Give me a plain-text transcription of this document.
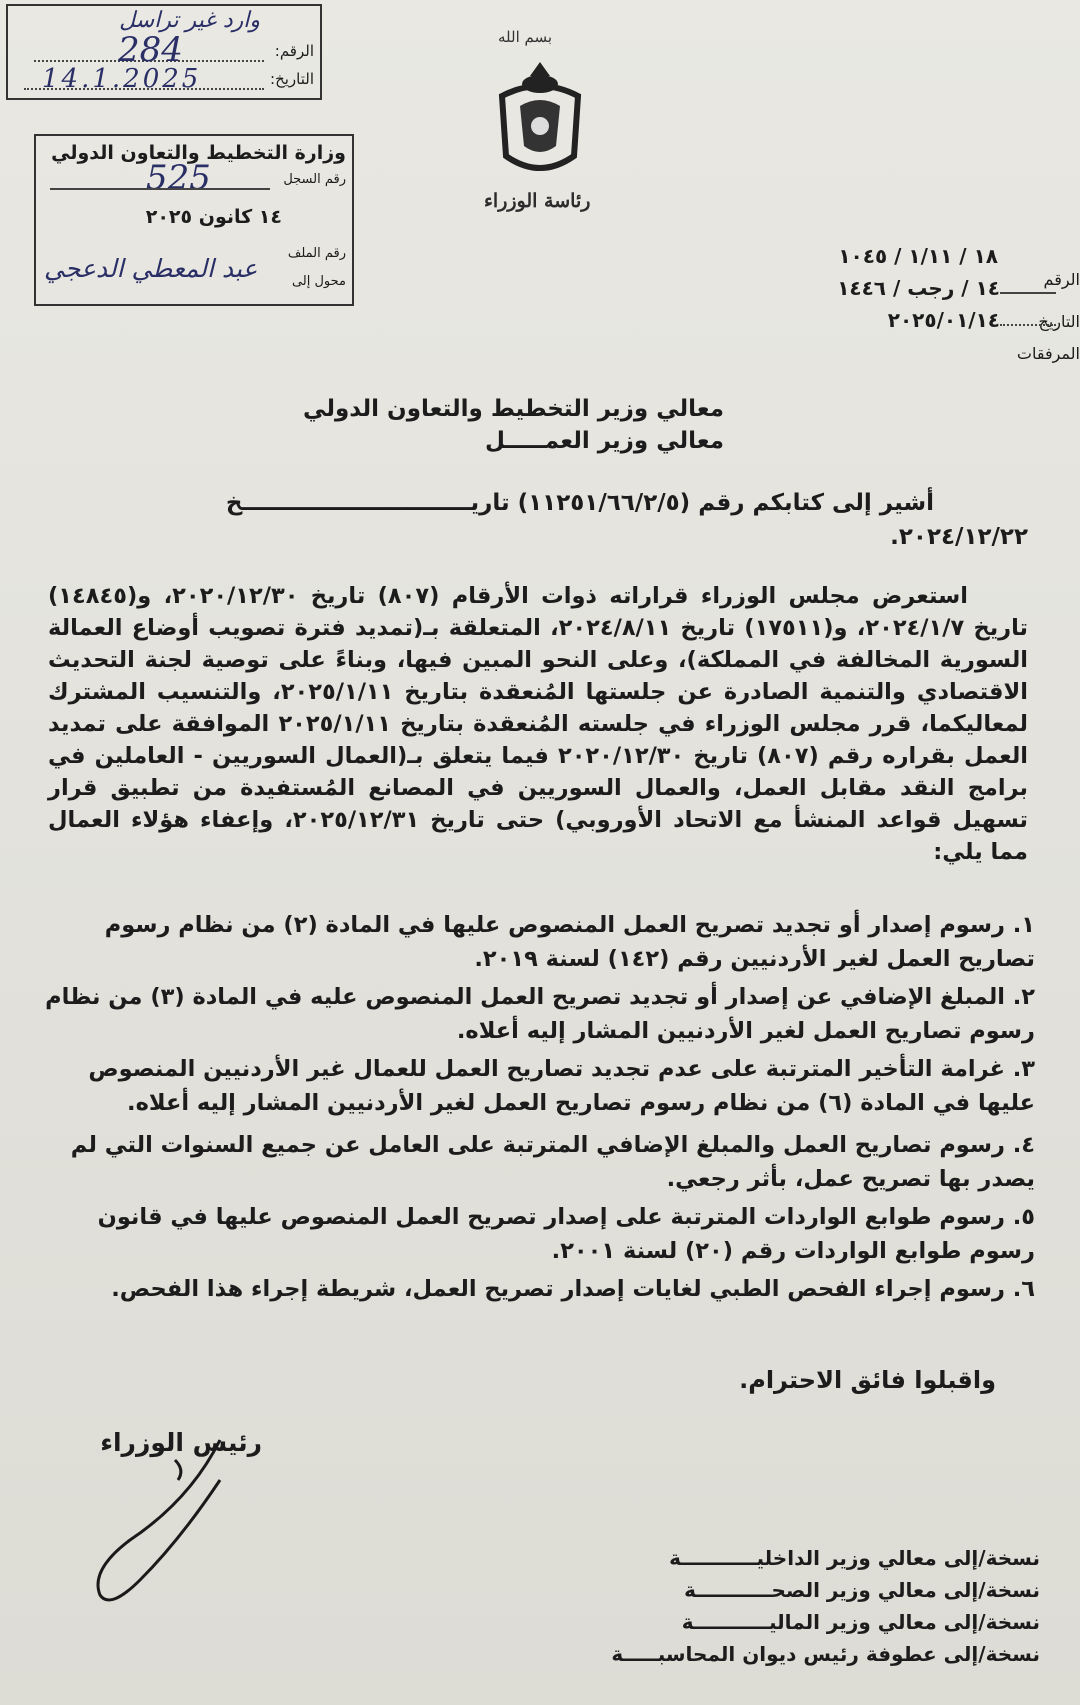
وارد غير تراسل
الرقم:
284
التاريخ:
14.1.2025
وزارة التخطيط والتعاون الدولي
رقم السجل
525
١٤ كانون ٢٠٢٥
رقم الملف
محول إلى
عبد المعطي الدعجي
بسم الله
رئاسة الوزراء
١٨ / ١/١١ / ١٠٤٥
الرقم
١٤ / رجب / ١٤٤٦
التاريخ
٢٠٢٥/٠١/١٤
المرفقات
معالي وزير التخطيط والتعاون الدولي
معالي وزير العمـــــل
أشير إلى كتابكم رقم (١١٢٥١/٦٦/٢/٥) تاريـــــــــــــــــــــــــــــخ
٢٠٢٤/١٢/٢٢.

استعرض مجلس الوزراء قراراته ذوات الأرقام (٨٠٧) تاريخ ٢٠٢٠/١٢/٣٠، و(١٤٨٤٥) تاريخ ٢٠٢٤/١/٧، و(١٧٥١١) تاريخ ٢٠٢٤/٨/١١، المتعلقة بـ(تمديد فترة تصويب أوضاع العمالة السورية المخالفة في المملكة)، وعلى النحو المبين فيها، وبناءً على توصية لجنة التحديث الاقتصادي والتنمية الصادرة عن جلستها المُنعقدة بتاريخ ٢٠٢٥/١/١١، والتنسيب المشترك لمعاليكما، قرر مجلس الوزراء في جلسته المُنعقدة بتاريخ ٢٠٢٥/١/١١ الموافقة على تمديد العمل بقراره رقم (٨٠٧) تاريخ ٢٠٢٠/١٢/٣٠ فيما يتعلق بـ(العمال السوريين - العاملين في برامج النقد مقابل العمل، والعمال السوريين في المصانع المُستفيدة من تطبيق قرار تسهيل قواعد المنشأ مع الاتحاد الأوروبي) حتى تاريخ ٢٠٢٥/١٢/٣١، وإعفاء هؤلاء العمال مما يلي:

١.رسوم إصدار أو تجديد تصريح العمل المنصوص عليها في المادة (٢) من نظام رسوم تصاريح العمل لغير الأردنيين رقم (١٤٢) لسنة ٢٠١٩.
٢.المبلغ الإضافي عن إصدار أو تجديد تصريح العمل المنصوص عليه في المادة (٣) من نظام رسوم تصاريح العمل لغير الأردنيين المشار إليه أعلاه.
٣.غرامة التأخير المترتبة على عدم تجديد تصاريح العمل للعمال غير الأردنيين المنصوص عليها في المادة (٦) من نظام رسوم تصاريح العمل لغير الأردنيين المشار إليه أعلاه.
٤.رسوم تصاريح العمل والمبلغ الإضافي المترتبة على العامل عن جميع السنوات التي لم يصدر بها تصريح عمل، بأثر رجعي.
٥.رسوم طوابع الواردات المترتبة على إصدار تصريح العمل المنصوص عليها في قانون رسوم طوابع الواردات رقم (٢٠) لسنة ٢٠٠١.
٦.رسوم إجراء الفحص الطبي لغايات إصدار تصريح العمل، شريطة إجراء هذا الفحص.
واقبلوا فائق الاحترام.
رئيس الوزراء
نسخة/إلى معالي وزير الداخليـــــــــــة
نسخة/إلى معالي وزير الصحـــــــــــة
نسخة/إلى معالي وزير الماليـــــــــــة
نسخة/إلى عطوفة رئيس ديوان المحاسبـــــة
